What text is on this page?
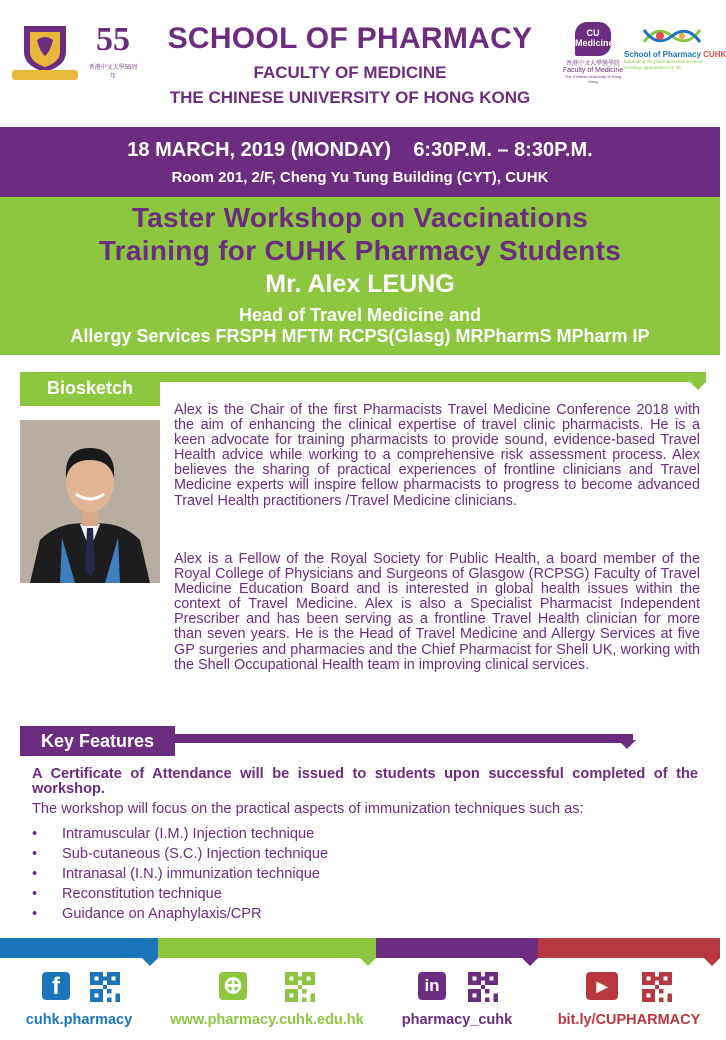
55
香港中文大學55周年
SCHOOL OF PHARMACY
FACULTY OF MEDICINE
THE CHINESE UNIVERSITY OF HONG KONG
CU Medicine
香港中文大學醫學院
Faculty of Medicine
The Chinese University of Hong Kong
School of Pharmacy CUHK
Expanding the pharmaceutical universe; Creating opportunities for life
18 MARCH, 2019 (MONDAY) 6:30P.M. – 8:30P.M.
Room 201, 2/F, Cheng Yu Tung Building (CYT), CUHK
Taster Workshop on Vaccinations
Training for CUHK Pharmacy Students
Mr. Alex LEUNG
Head of Travel Medicine and
Allergy Services FRSPH MFTM RCPS(Glasg) MRPharmS MPharm IP
Biosketch
Alex is the Chair of the first Pharmacists Travel Medicine Conference 2018 with the aim of enhancing the clinical expertise of travel clinic pharmacists. He is a keen advocate for training pharmacists to provide sound, evidence-based Travel Health advice while working to a comprehensive risk assessment process. Alex believes the sharing of practical experiences of frontline clinicians and Travel Medicine experts will inspire fellow pharmacists to progress to become advanced Travel Health practitioners /Travel Medicine clinicians.
Alex is a Fellow of the Royal Society for Public Health, a board member of the Royal College of Physicians and Surgeons of Glasgow (RCPSG) Faculty of Travel Medicine Education Board and is interested in global health issues within the context of Travel Medicine. Alex is also a Specialist Pharmacist Independent Prescriber and has been serving as a frontline Travel Health clinician for more than seven years. He is the Head of Travel Medicine and Allergy Services at five GP surgeries and pharmacies and the Chief Pharmacist for Shell UK, working with the Shell Occupational Health team in improving clinical services.
Key Features
A Certificate of Attendance will be issued to students upon successful completed of the workshop.
The workshop will focus on the practical aspects of immunization techniques such as:
• Intramuscular (I.M.) Injection technique
• Sub-cutaneous (S.C.) Injection technique
• Intranasal (I.N.) immunization technique
• Reconstitution technique
• Guidance on Anaphylaxis/CPR
f
cuhk.pharmacy
⊕
www.pharmacy.cuhk.edu.hk
in
pharmacy_cuhk
▶
bit.ly/CUPHARMACY
